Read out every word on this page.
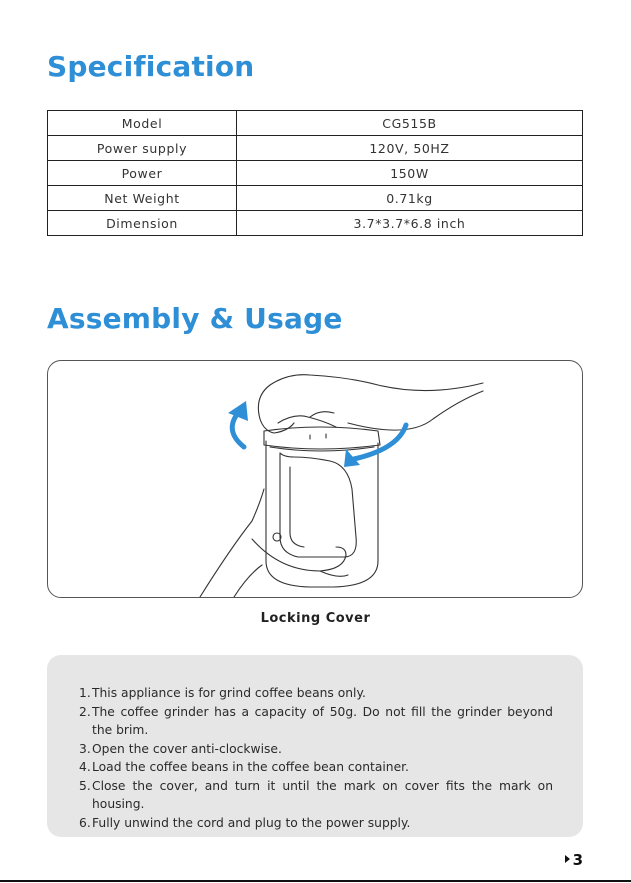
Specification
Model	CG515B
Power supply	120V, 50HZ
Power	150W
Net Weight	0.71kg
Dimension	3.7*3.7*6.8 inch
Assembly & Usage
Locking Cover
1. This appliance is for grind coffee beans only.
2. The coffee grinder has a capacity of 50g. Do not fill the grinder beyond the brim.
3. Open the cover anti-clockwise.
4. Load the coffee beans in the coffee bean container.
5. Close the cover, and turn it until the mark on cover fits the mark on housing.
6. Fully unwind the cord and plug to the power supply.
3
